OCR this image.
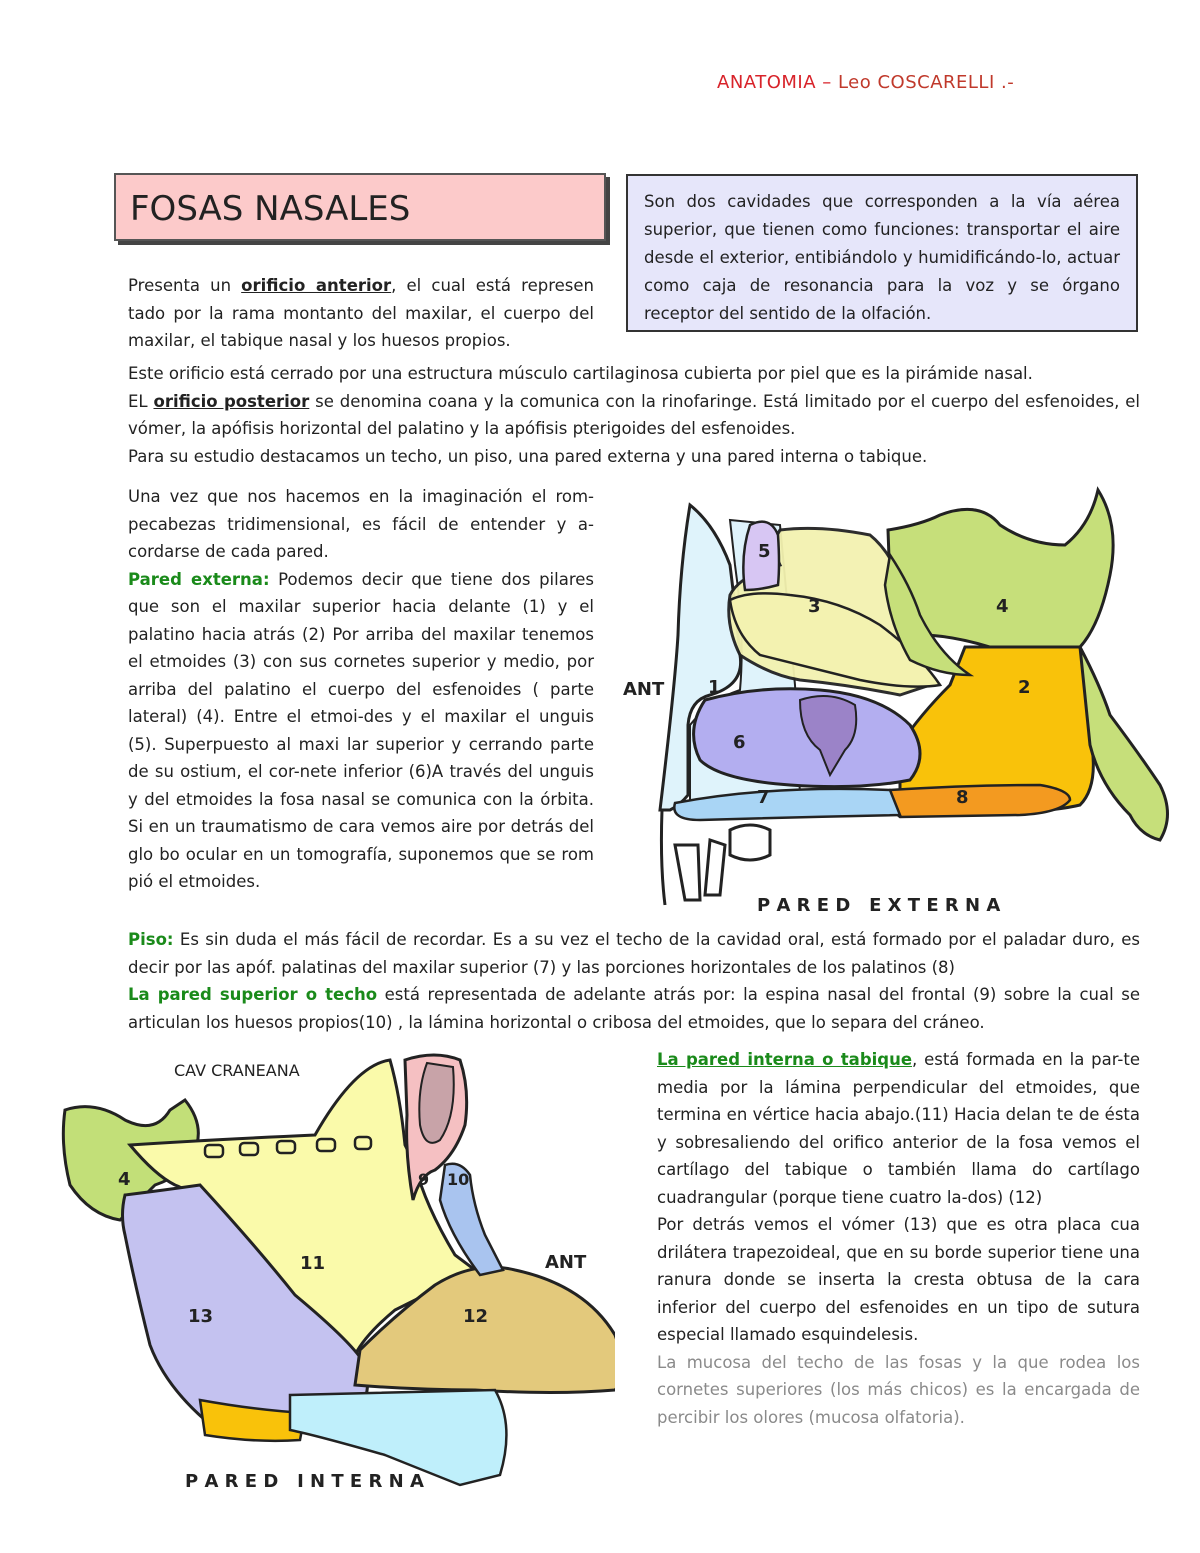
ANATOMIA – Leo COSCARELLI .-
FOSAS NASALES	Son dos cavidades que corresponden a la vía aérea superior, que tienen como funciones: transportar el aire desde el exterior, entibiándolo y humidificándo-lo, actuar como caja de resonancia para la voz y se órgano receptor del sentido de la olfación.
Presenta un orificio anterior, el cual está represen tado por la rama montanto del maxilar, el cuerpo del maxilar, el tabique nasal y los huesos propios.
Este orificio está cerrado por una estructura músculo cartilaginosa cubierta por piel que es la pirámide nasal.
EL orificio posterior se denomina coana y la comunica con la rinofaringe. Está limitado por el cuerpo del esfenoides, el vómer, la apófisis horizontal del palatino y la apófisis pterigoides del esfenoides.
Para su estudio destacamos un techo, un piso, una pared externa y una pared interna o tabique.
Una vez que nos hacemos en la imaginación el rom-pecabezas tridimensional, es fácil de entender y a-cordarse de cada pared.
Pared externa: Podemos decir que tiene dos pilares que son el maxilar superior hacia delante (1) y el palatino hacia atrás (2) Por arriba del maxilar tenemos el etmoides (3) con sus cornetes superior y medio, por arriba del palatino el cuerpo del esfenoides ( parte lateral) (4). Entre el etmoi-des y el maxilar el unguis (5). Superpuesto al maxi lar superior y cerrando parte de su ostium, el cor-nete inferior (6)A través del unguis y del etmoides la fosa nasal se comunica con la órbita. Si en un traumatismo de cara vemos aire por detrás del glo bo ocular en un tomografía, suponemos que se rom pió el etmoides.
1	2
3	4
5
6
7	8
ANT
P A R E D   E X T E R N A
Piso: Es sin duda el más fácil de recordar. Es a su vez el techo de la cavidad oral, está formado por el paladar duro, es decir por las apóf. palatinas del maxilar superior (7) y las porciones horizontales de los palatinos (8)
La pared superior o techo está representada de adelante atrás por: la espina nasal del frontal (9) sobre la cual se articulan los huesos propios(10) , la lámina horizontal o cribosa del etmoides, que lo separa del cráneo.
4	9 10
11
12
13
CAV CRANEANA
ANT
P A R E D   I N T E R N A
La pared interna o tabique, está formada en la par-te media por la lámina perpendicular del etmoides, que termina en vértice hacia abajo.(11) Hacia delan te de ésta y sobresaliendo del orifico anterior de la fosa vemos el cartílago del tabique o también llama do cartílago cuadrangular (porque tiene cuatro la-dos) (12)
Por detrás vemos el vómer (13) que es otra placa cua drilátera trapezoideal, que en su borde superior tiene una ranura donde se inserta la cresta obtusa de la cara inferior del cuerpo del esfenoides en un tipo de sutura especial llamado esquindelesis.
La mucosa del techo de las fosas y la que rodea los cornetes superiores (los más chicos) es la encargada de percibir los olores (mucosa olfatoria).
